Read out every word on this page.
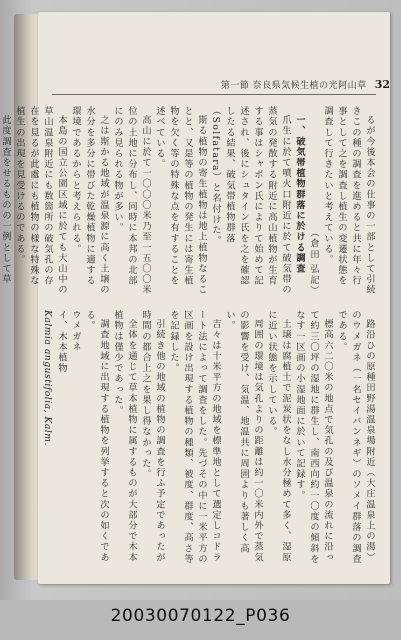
第一節 奈良県気候生植の光阿山草 32

るが今後本会の仕事の一部として引続きこの種の調査を進めると共に年々行事として之を調査し植生の変遷状態を調査して行きたいと考えている。

（倉田 弘記）

一、破気帯植物群落に於ける調査

爪生に於て噴火口附近に於て破気帯の蒸気の発散する附近に高山植物が生育する事はシャボン氏によりて始めて記述され、後にシュタイン氏を之を確認したる結果、破気帯植物群落（Solfatara）と名付けた。

斯る植物の寄生植物は地上植物なることと、又是等の植物の発生には寄生植物を欠く等の特殊な点を有することを述べている。

高山に於て一〇〇〇米乃至一五〇〇米位の土地に分布し、同時に本邦の北部にのみ見られる物が多い。

之は斯かる地域が温泉源に高く土壌の水分を多分に帯びた乾燥植物に適する環境であるからと考えられる。

本島の国立公園区域に於ても大山中の草山温泉附近にも数箇所の破気孔の存在を見るが此處にも植物の様な特殊な植生の出現を見受けるのである。

此度調査をせるものの一例として草

路沿ひの原種田野湯温泉場附近（大庄温泉上の湯）のウメガネ（一名セイバンネギ）のソメイ群落の調査である。

標高六二〇米の地点で気孔の及び温泉の流れに沿って約三〇坪の湿地に群生し、南西向約一〇度の傾斜をなす一区画の小湿地面に於いて記録す。

土壌は腐植土で泥炭状をなし水分極めて多く、湿原に近い状態を示している。

周囲の環境は気孔よりの距離は約一〇米内外で蒸気の影響を受け、気温、地温共に周囲よりも著しく高い。

吉々は十米平方の地域を標準地として選定しコドラート法によって調査をした。先づその中に一米平方の区画を設け出現する植物の種類、被度、群度、高さ等を記録した。

引続き他の地域の植物の調査を行ふ予定であったが時間の都合上之を果し得なかった。

全体を通じて草本植物に属するものが大部分で木本植物は僅少であった。

調査地域に出現する植物を列挙すると次の如くである。

ウメガネ

イ、木本植物

Kalmia angustifolia, Kalm.

20030070122_P036
